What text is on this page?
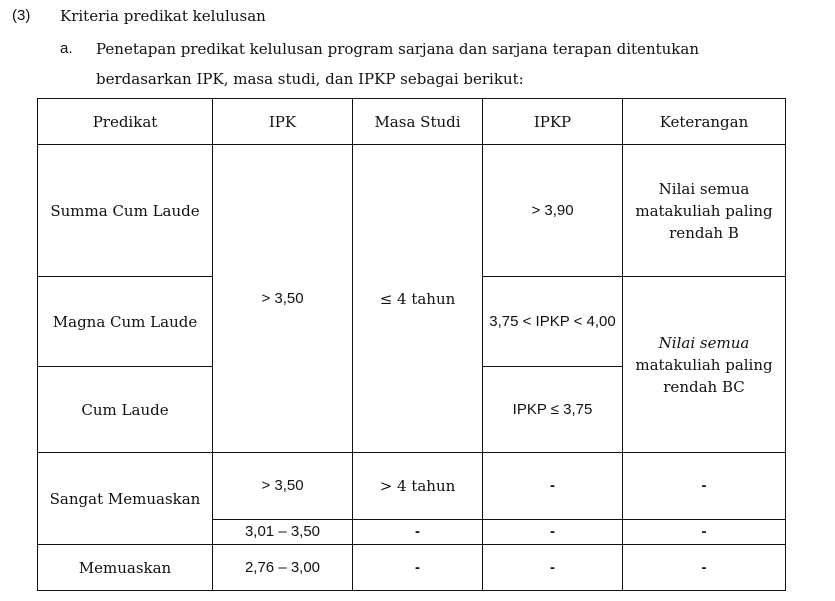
(3) Kriteria predikat kelulusan
a. Penetapan predikat kelulusan program sarjana dan sarjana terapan ditentukan
berdasarkan IPK, masa studi, dan IPKP sebagai berikut:
Predikat	IPK	Masa Studi	IPKP	Keterangan
Summa Cum Laude	> 3,50	≤ 4 tahun	> 3,90	Nilai semua matakuliah paling rendah B
Magna Cum Laude			3,75 < IPKP < 4,00	Nilai semua matakuliah paling rendah BC
Cum Laude			IPKP ≤ 3,75	
Sangat Memuaskan	> 3,50	> 4 tahun	-	-
	3,01 – 3,50	-	-	-
Memuaskan	2,76 – 3,00	-	-	-
